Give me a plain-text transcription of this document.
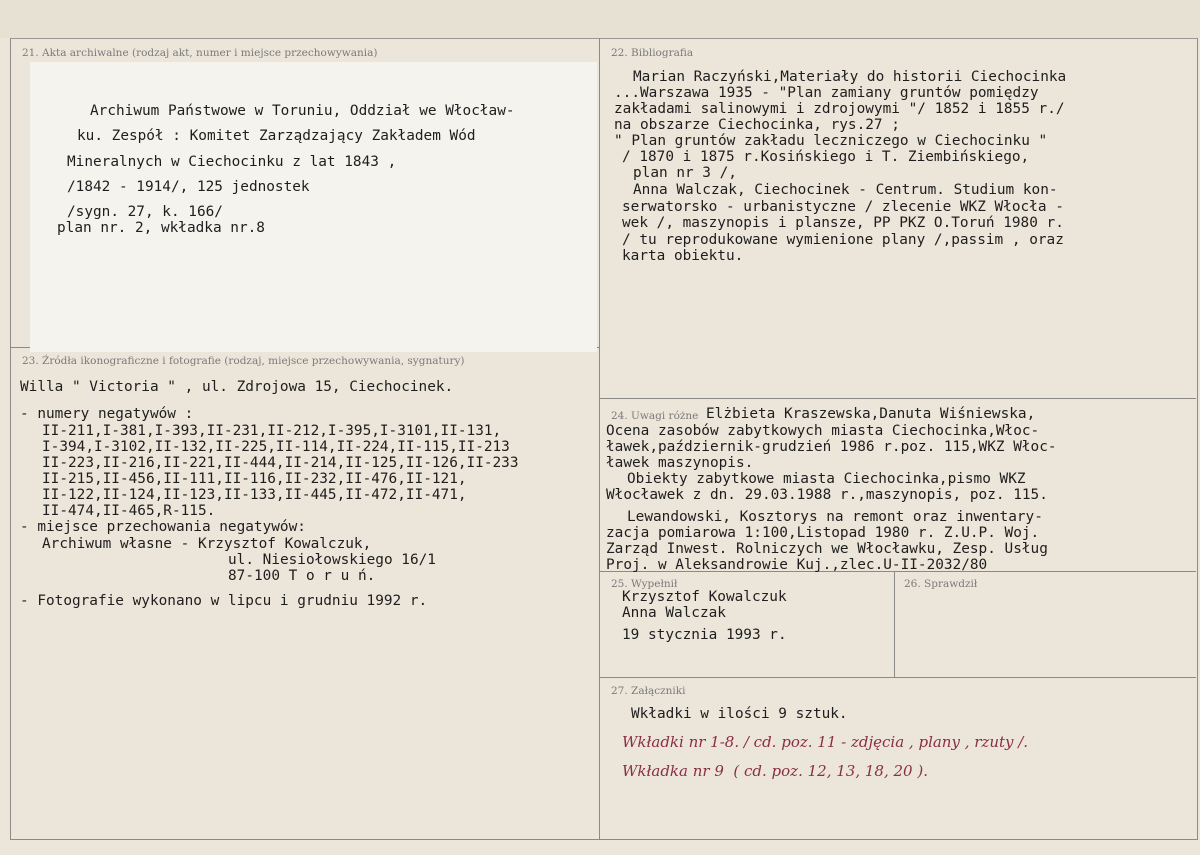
21. Akta archiwalne (rodzaj akt, numer i miejsce przechowywania)
Archiwum Państwowe w Toruniu, Oddział we Włocław-
ku. Zespół : Komitet Zarządzający Zakładem Wód
Mineralnych w Ciechocinku z lat 1843 ,
/1842 - 1914/, 125 jednostek
/sygn. 27, k. 166/
plan nr. 2, wkładka nr.8
22. Bibliografia
Marian Raczyński,Materiały do historii Ciechocinka
...Warszawa 1935 - "Plan zamiany gruntów pomiędzy
zakładami salinowymi i zdrojowymi "/ 1852 i 1855 r./
na obszarze Ciechocinka, rys.27 ;
" Plan gruntów zakładu leczniczego w Ciechocinku "
/ 1870 i 1875 r.Kosińskiego i T. Ziembińskiego,
plan nr 3 /,
Anna Walczak, Ciechocinek - Centrum. Studium kon-
serwatorsko - urbanistyczne / zlecenie WKZ Włocła -
wek /, maszynopis i plansze, PP PKZ O.Toruń 1980 r.
/ tu reprodukowane wymienione plany /,passim , oraz
karta obiektu.
23. Źródła ikonograficzne i fotografie (rodzaj, miejsce przechowywania, sygnatury)
Willa " Victoria " , ul. Zdrojowa 15, Ciechocinek.
- numery negatywów :
II-211,I-381,I-393,II-231,II-212,I-395,I-3101,II-131,
I-394,I-3102,II-132,II-225,II-114,II-224,II-115,II-213
II-223,II-216,II-221,II-444,II-214,II-125,II-126,II-233
II-215,II-456,II-111,II-116,II-232,II-476,II-121,
II-122,II-124,II-123,II-133,II-445,II-472,II-471,
II-474,II-465,R-115.
- miejsce przechowania negatywów:
Archiwum własne - Krzysztof Kowalczuk,
ul. Niesiołowskiego 16/1
87-100 T o r u ń.
- Fotografie wykonano w lipcu i grudniu 1992 r.
24. Uwagi różne Elżbieta Kraszewska,Danuta Wiśniewska,
Ocena zasobów zabytkowych miasta Ciechocinka,Włoc-
ławek,październik-grudzień 1986 r.poz. 115,WKZ Włoc-
ławek maszynopis.
Obiekty zabytkowe miasta Ciechocinka,pismo WKZ
Włocławek z dn. 29.03.1988 r.,maszynopis, poz. 115.
Lewandowski, Kosztorys na remont oraz inwentary-
zacja pomiarowa 1:100,Listopad 1980 r. Z.U.P. Woj.
Zarząd Inwest. Rolniczych we Włocławku, Zesp. Usług
Proj. w Aleksandrowie Kuj.,zlec.U-II-2032/80
25. Wypełnił
Krzysztof Kowalczuk
Anna Walczak
19 stycznia 1993 r.
26. Sprawdził
27. Załączniki
Wkładki w ilości 9 sztuk.
Wkładki nr 1-8. / cd. poz. 11 - zdjęcia , plany , rzuty /.
Wkładka nr 9  ( cd. poz. 12, 13, 18, 20 ).
